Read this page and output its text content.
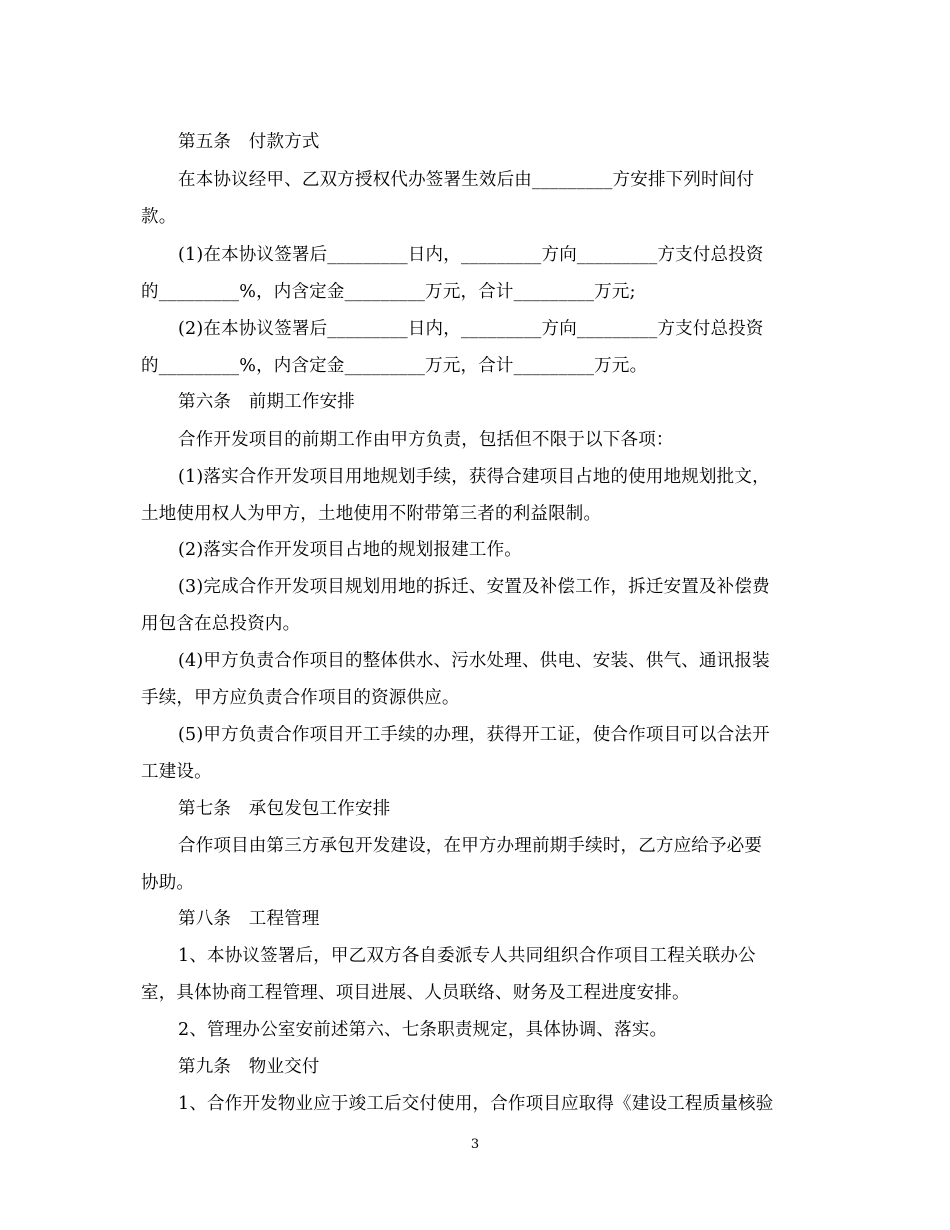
第五条　付款方式
在本协议经甲、乙双方授权代办签署生效后由_________方安排下列时间付
款。
(1)在本协议签署后_________日内，_________方向_________方支付总投资
的_________%，内含定金_________万元，合计_________万元;
(2)在本协议签署后_________日内，_________方向_________方支付总投资
的_________%，内含定金_________万元，合计_________万元。
第六条　前期工作安排
合作开发项目的前期工作由甲方负责，包括但不限于以下各项：
(1)落实合作开发项目用地规划手续，获得合建项目占地的使用地规划批文，
土地使用权人为甲方，土地使用不附带第三者的利益限制。
(2)落实合作开发项目占地的规划报建工作。
(3)完成合作开发项目规划用地的拆迁、安置及补偿工作，拆迁安置及补偿费
用包含在总投资内。
(4)甲方负责合作项目的整体供水、污水处理、供电、安装、供气、通讯报装
手续，甲方应负责合作项目的资源供应。
(5)甲方负责合作项目开工手续的办理，获得开工证，使合作项目可以合法开
工建设。
第七条　承包发包工作安排
合作项目由第三方承包开发建设，在甲方办理前期手续时，乙方应给予必要
协助。
第八条　工程管理
1、本协议签署后，甲乙双方各自委派专人共同组织合作项目工程关联办公
室，具体协商工程管理、项目进展、人员联络、财务及工程进度安排。
2、管理办公室安前述第六、七条职责规定，具体协调、落实。
第九条　物业交付
1、合作开发物业应于竣工后交付使用，合作项目应取得《建设工程质量核验
3
